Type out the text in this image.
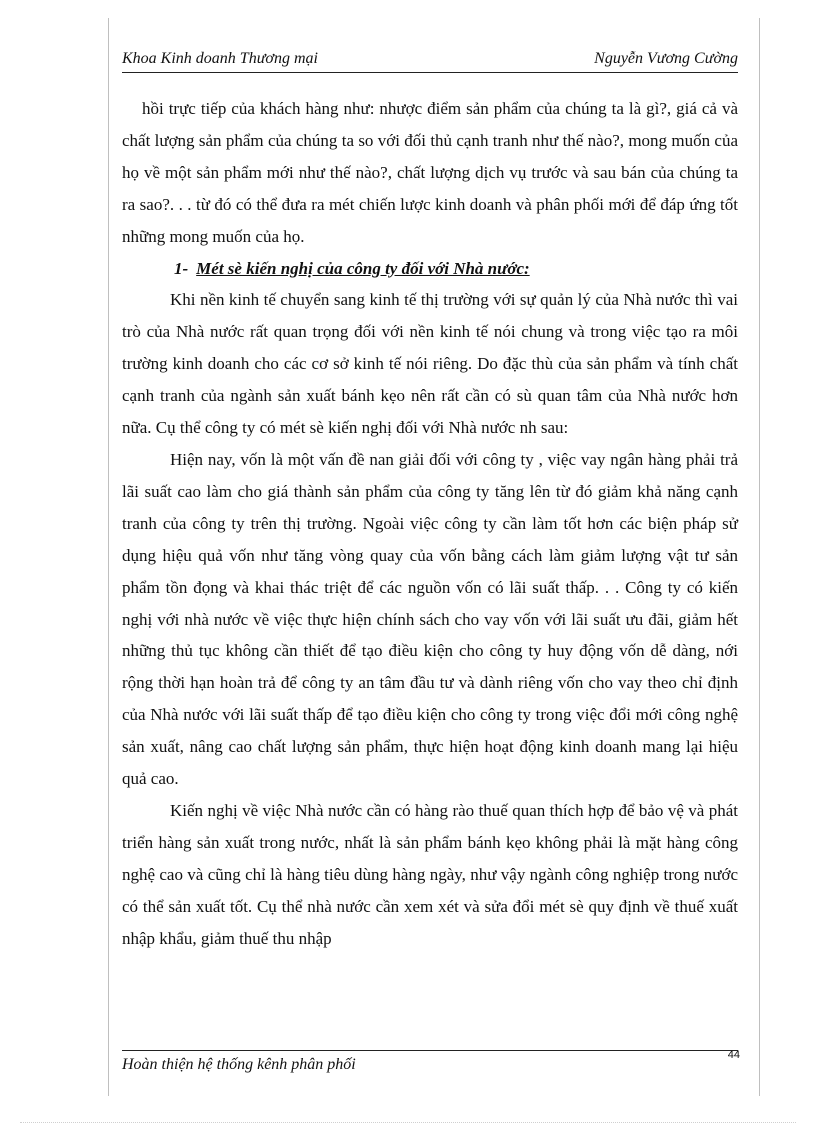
Khoa Kinh doanh Thương mại	Nguyễn Vương Cường

hồi trực tiếp của khách hàng như: nhược điểm sản phẩm của chúng ta là gì?, giá cả và chất lượng sản phẩm của chúng ta so với đối thủ cạnh tranh như thế nào?, mong muốn của họ về một sản phẩm mới như thế nào?, chất lượng dịch vụ trước và sau bán của chúng ta ra sao?. . . từ đó có thể đưa ra mét chiến lược kinh doanh và phân phối mới để đáp ứng tốt những mong muốn của họ.

1- Mét sè kiến nghị của công ty đối với Nhà nước:

Khi nền kinh tế chuyển sang kinh tế thị trường với sự quản lý của Nhà nước thì vai trò của Nhà nước rất quan trọng đối với nền kinh tế nói chung và trong việc tạo ra môi trường kinh doanh cho các cơ sở kinh tế nói riêng. Do đặc thù của sản phẩm và tính chất cạnh tranh của ngành sản xuất bánh kẹo nên rất cần có sù quan tâm của Nhà nước hơn nữa. Cụ thể công ty có mét sè kiến nghị đối với Nhà nước nh sau:

Hiện nay, vốn là một vấn đề nan giải đối với công ty , việc vay ngân hàng phải trả lãi suất cao làm cho giá thành sản phẩm của công ty tăng lên từ đó giảm khả năng cạnh tranh của công ty trên thị trường. Ngoài việc công ty cần làm tốt hơn các biện pháp sử dụng hiệu quả vốn như tăng vòng quay của vốn bằng cách làm giảm lượng vật tư sản phẩm tồn đọng và khai thác triệt để các nguồn vốn có lãi suất thấp. . . Công ty có kiến nghị với nhà nước về việc thực hiện chính sách cho vay vốn với lãi suất ưu đãi, giảm hết những thủ tục không cần thiết để tạo điều kiện cho công ty huy động vốn dễ dàng, nới rộng thời hạn hoàn trả để công ty an tâm đầu tư và dành riêng vốn cho vay theo chỉ định của Nhà nước với lãi suất thấp để tạo điều kiện cho công ty trong việc đổi mới công nghệ sản xuất, nâng cao chất lượng sản phẩm, thực hiện hoạt động kinh doanh mang lại hiệu quả cao.

Kiến nghị về việc Nhà nước cần có hàng rào thuế quan thích hợp để bảo vệ và phát triển hàng sản xuất trong nước, nhất là sản phẩm bánh kẹo không phải là mặt hàng công nghệ cao và cũng chỉ là hàng tiêu dùng hàng ngày, như vậy ngành công nghiệp trong nước có thể sản xuất tốt. Cụ thể nhà nước cần xem xét và sửa đổi mét sè quy định về thuế xuất nhập khẩu, giảm thuế thu nhập

Hoàn thiện hệ thống kênh phân phối
44
